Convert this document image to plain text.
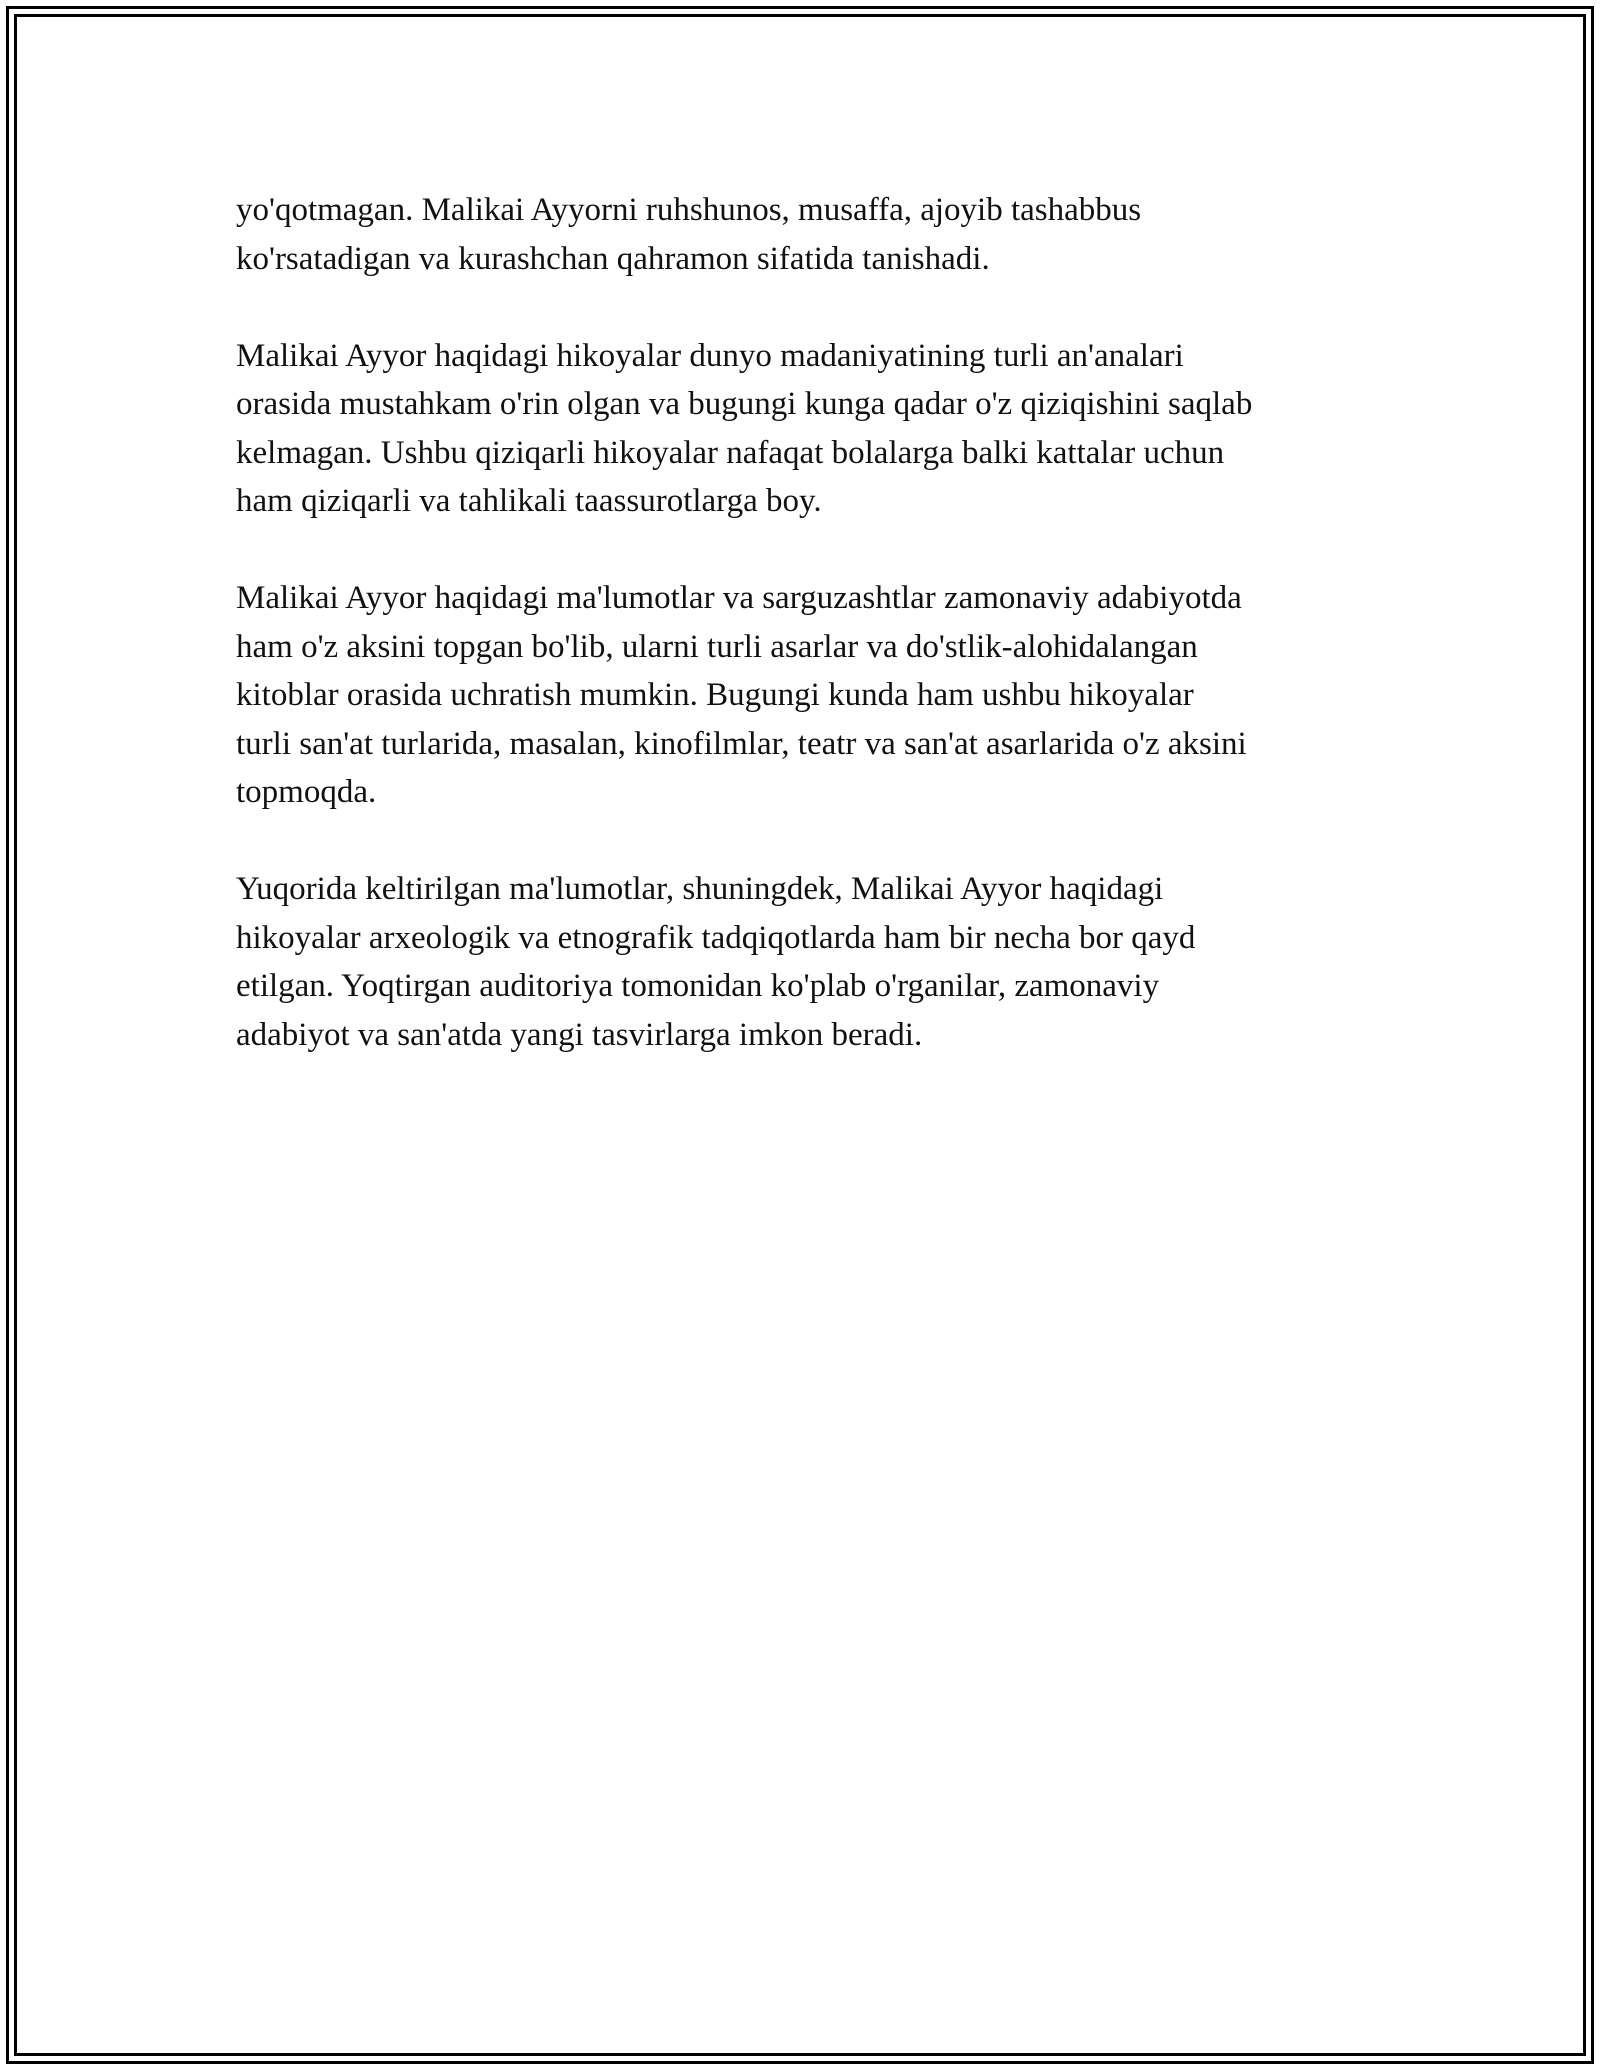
yo'qotmagan. Malikai Ayyorni ruhshunos, musaffa, ajoyib tashabbus
ko'rsatadigan va kurashchan qahramon sifatida tanishadi.

Malikai Ayyor haqidagi hikoyalar dunyo madaniyatining turli an'analari
orasida mustahkam o'rin olgan va bugungi kunga qadar o'z qiziqishini saqlab
kelmagan. Ushbu qiziqarli hikoyalar nafaqat bolalarga balki kattalar uchun
ham qiziqarli va tahlikali taassurotlarga boy.

Malikai Ayyor haqidagi ma'lumotlar va sarguzashtlar zamonaviy adabiyotda
ham o'z aksini topgan bo'lib, ularni turli asarlar va do'stlik-alohidalangan
kitoblar orasida uchratish mumkin. Bugungi kunda ham ushbu hikoyalar
turli san'at turlarida, masalan, kinofilmlar, teatr va san'at asarlarida o'z aksini
topmoqda.

Yuqorida keltirilgan ma'lumotlar, shuningdek, Malikai Ayyor haqidagi
hikoyalar arxeologik va etnografik tadqiqotlarda ham bir necha bor qayd
etilgan. Yoqtirgan auditoriya tomonidan ko'plab o'rganilar, zamonaviy
adabiyot va san'atda yangi tasvirlarga imkon beradi.
